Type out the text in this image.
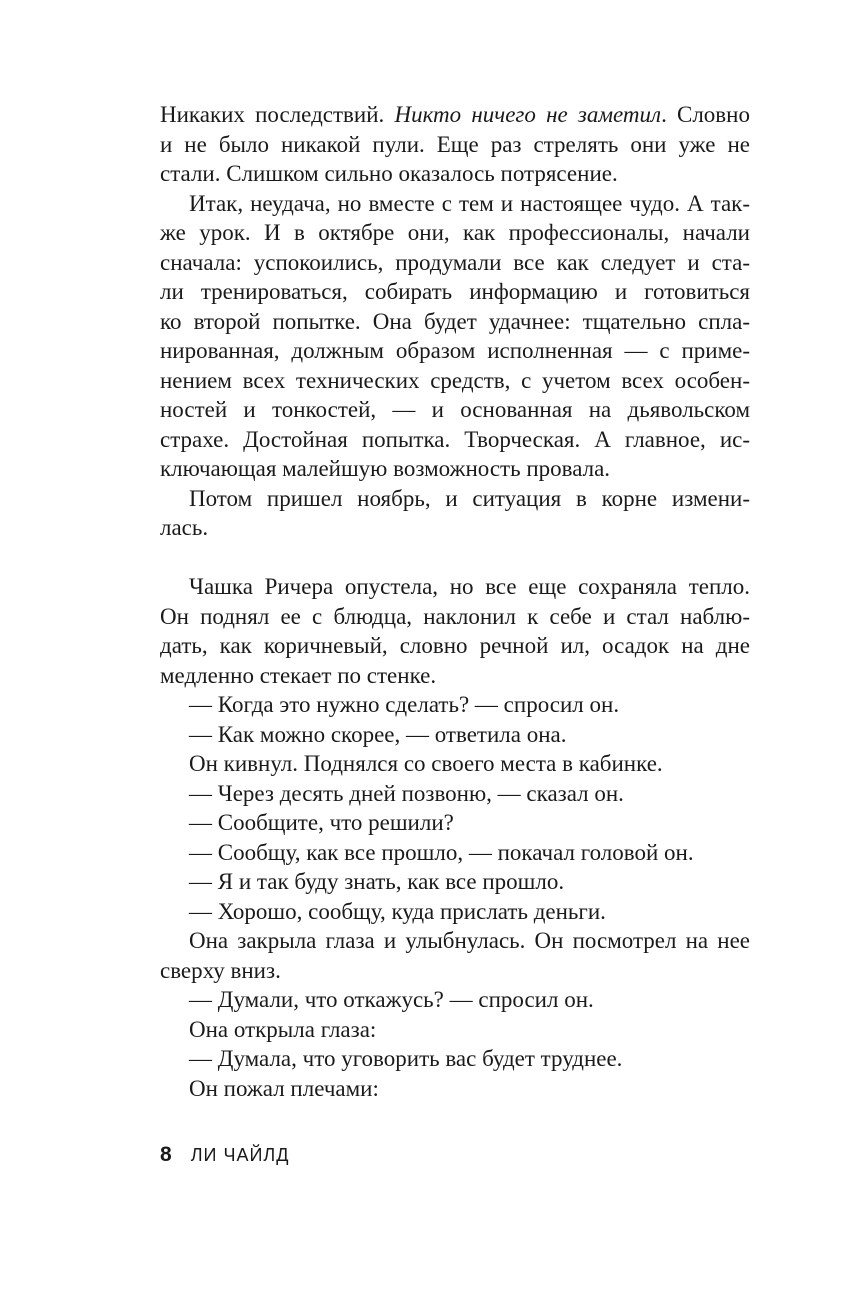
Никаких последствий. Никто ничего не заметил. Словно
и не было никакой пули. Еще раз стрелять они уже не
стали. Слишком сильно оказалось потрясение.
Итак, неудача, но вместе с тем и настоящее чудо. А так-
же урок. И в октябре они, как профессионалы, начали
сначала: успокоились, продумали все как следует и ста-
ли тренироваться, собирать информацию и готовиться
ко второй попытке. Она будет удачнее: тщательно спла-
нированная, должным образом исполненная — с приме-
нением всех технических средств, с учетом всех особен-
ностей и тонкостей, — и основанная на дьявольском
страхе. Достойная попытка. Творческая. А главное, ис-
ключающая малейшую возможность провала.
Потом пришел ноябрь, и ситуация в корне измени-
лась.
Чашка Ричера опустела, но все еще сохраняла тепло.
Он поднял ее с блюдца, наклонил к себе и стал наблю-
дать, как коричневый, словно речной ил, осадок на дне
медленно стекает по стенке.
— Когда это нужно сделать? — спросил он.
— Как можно скорее, — ответила она.
Он кивнул. Поднялся со своего места в кабинке.
— Через десять дней позвоню, — сказал он.
— Сообщите, что решили?
— Сообщу, как все прошло, — покачал головой он.
— Я и так буду знать, как все прошло.
— Хорошо, сообщу, куда прислать деньги.
Она закрыла глаза и улыбнулась. Он посмотрел на нее
сверху вниз.
— Думали, что откажусь? — спросил он.
Она открыла глаза:
— Думала, что уговорить вас будет труднее.
Он пожал плечами:
8 ЛИ ЧАЙЛД
